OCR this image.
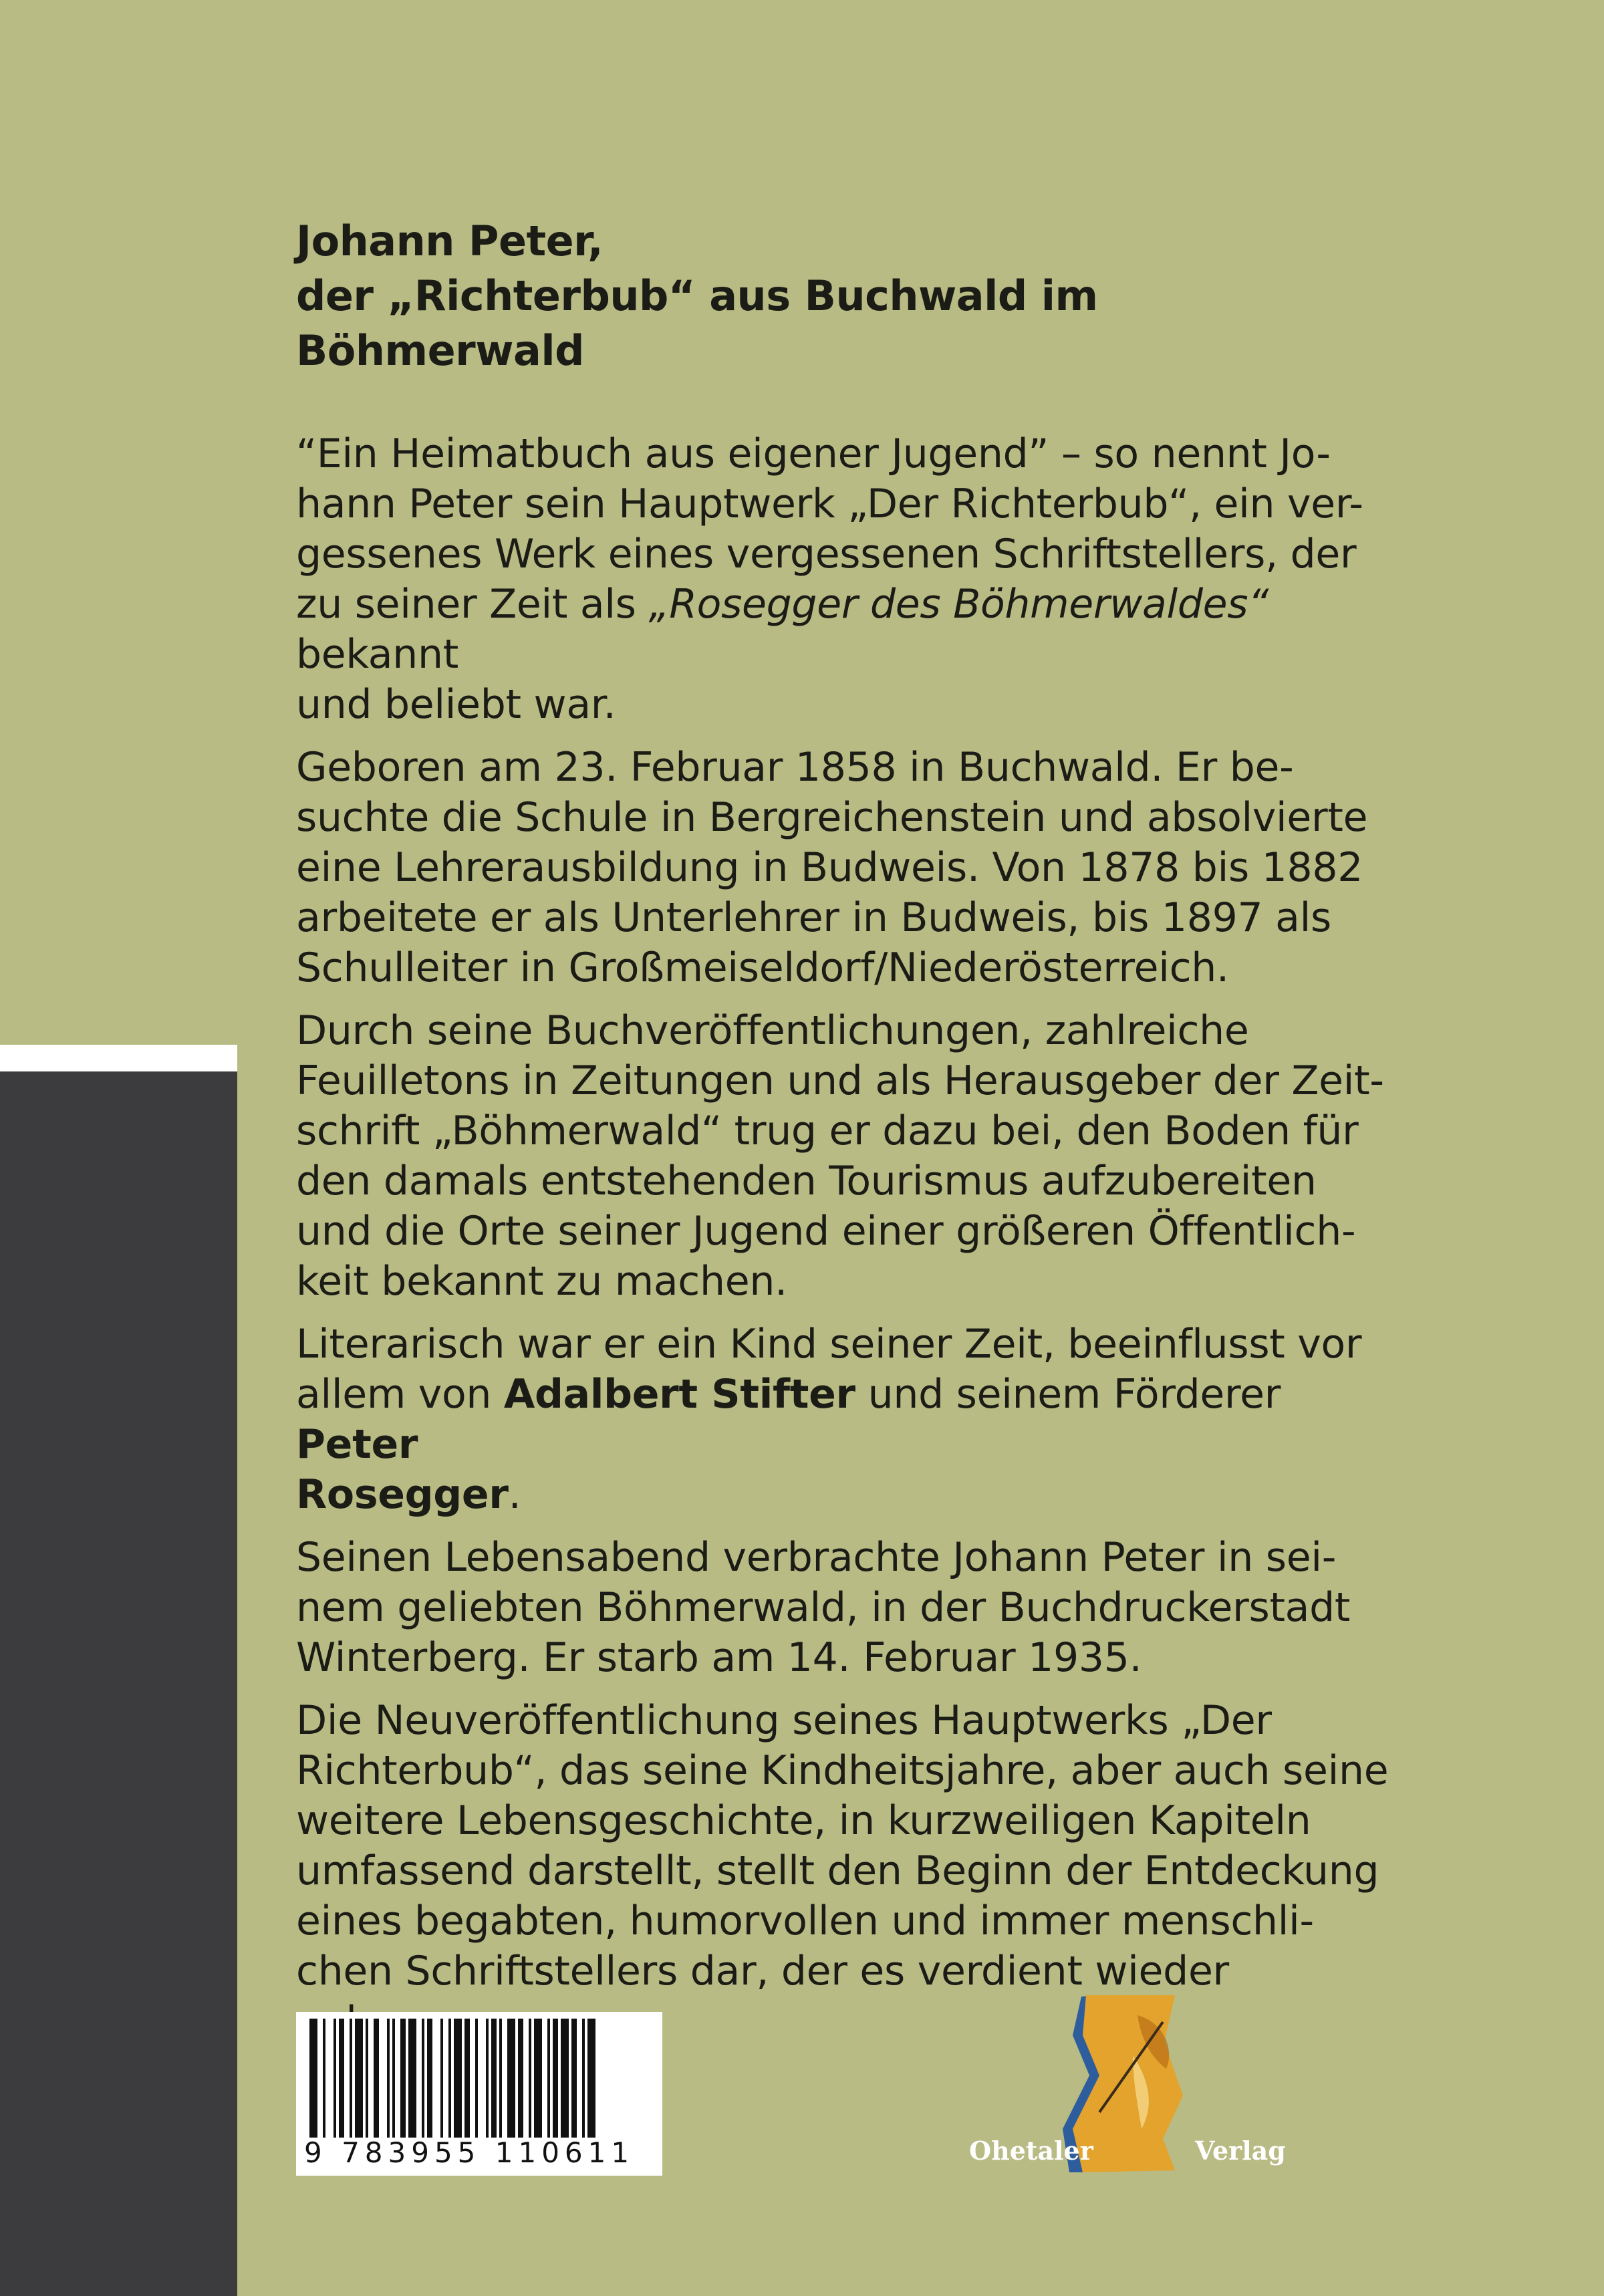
Johann Peter,
der „Richterbub“ aus Buchwald im Böhmerwald

“Ein Heimatbuch aus eigener Jugend” – so nennt Jo-
hann Peter sein Hauptwerk „Der Richterbub“, ein ver-
gessenes Werk eines vergessenen Schriftstellers, der
zu seiner Zeit als „Rosegger des Böhmerwaldes“ bekannt
und beliebt war.

Geboren am 23. Februar 1858 in Buchwald. Er be-
suchte die Schule in Bergreichenstein und absolvierte
eine Lehrerausbildung in Budweis. Von 1878 bis 1882
arbeitete er als Unterlehrer in Budweis, bis 1897 als
Schulleiter in Großmeiseldorf/Niederösterreich.

Durch seine Buchveröffentlichungen, zahlreiche
Feuilletons in Zeitungen und als Herausgeber der Zeit-
schrift „Böhmerwald“ trug er dazu bei, den Boden für
den damals entstehenden Tourismus aufzubereiten
und die Orte seiner Jugend einer größeren Öffentlich-
keit bekannt zu machen.

Literarisch war er ein Kind seiner Zeit, beeinflusst vor
allem von Adalbert Stifter und seinem Förderer Peter
Rosegger.

Seinen Lebensabend verbrachte Johann Peter in sei-
nem geliebten Böhmerwald, in der Buchdruckerstadt
Winterberg. Er starb am 14. Februar 1935.

Die Neuveröffentlichung seines Hauptwerks „Der
Richterbub“, das seine Kindheitsjahre, aber auch seine
weitere Lebensgeschichte, in kurzweiligen Kapiteln
umfassend darstellt, stellt den Beginn der Entdeckung
eines begabten, humorvollen und immer menschli-
chen Schriftstellers dar, der es verdient wieder

9 783955 110611	Ohetaler	Verlag
